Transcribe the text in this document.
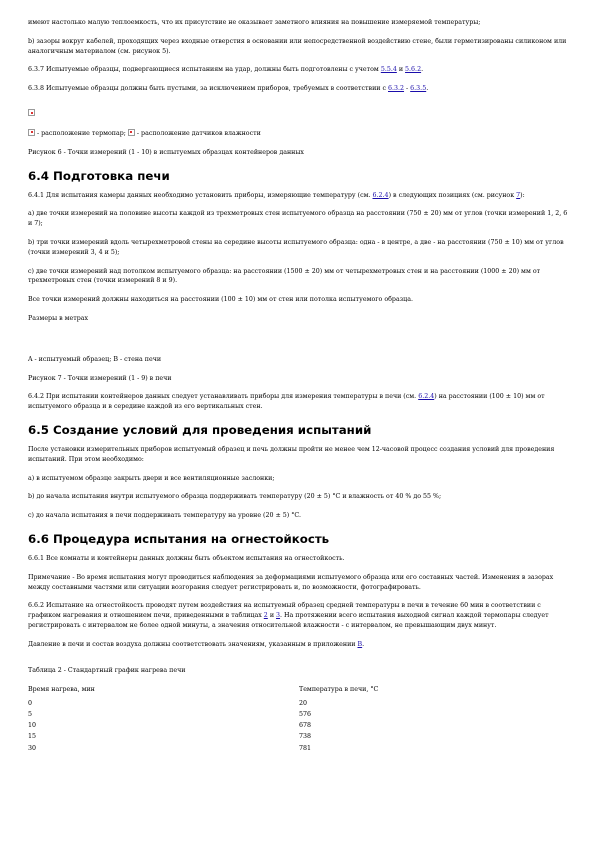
имеют настолько малую теплоемкость, что их присутствие не оказывает заметного влияния на повышение измеряемой температуры;

b) зазоры вокруг кабелей, проходящих через входные отверстия в основании или непосредственной воздействию стене, были герметизированы силиконом или аналогичным материалом (см. рисунок 5).

6.3.7 Испытуемые образцы, подвергающиеся испытаниям на удар, должны быть подготовлены с учетом 5.5.4 и 5.6.2.

6.3.8 Испытуемые образцы должны быть пустыми, за исключением приборов, требуемых в соответствии с 6.3.2 - 6.3.5.

- расположение термопар;  - расположение датчиков влажности

Рисунок 6 - Точки измерений (1 - 10) в испытуемых образцах контейнеров данных

6.4 Подготовка печи

6.4.1 Для испытания камеры данных необходимо установить приборы, измеряющие температуру (см. 6.2.4) в следующих позициях (см. рисунок 7):

а) две точки измерений на половине высоты каждой из трехметровых стен испытуемого образца на расстоянии (750 ± 20) мм от углов (точки измерений 1, 2, 6 и 7);

b) три точки измерений вдоль четырехметровой стены на середине высоты испытуемого образца: одна - в центре, а две - на расстоянии (750 ± 10) мм от углов (точки измерений 3, 4 и 5);

c) две точки измерений над потолком испытуемого образца: на расстоянии (1500 ± 20) мм от четырехметровых стен и на расстоянии (1000 ± 20) мм от трехметровых стен (точки измерений 8 и 9).

Все точки измерений должны находиться на расстоянии (100 ± 10) мм от стен или потолка испытуемого образца.

Размеры в метрах

A - испытуемый образец; B - стена печи

Рисунок 7 - Точки измерений (1 - 9) в печи

6.4.2 При испытании контейнеров данных следует устанавливать приборы для измерения температуры в печи (см. 6.2.4) на расстоянии (100 ± 10) мм от испытуемого образца и в середине каждой из его вертикальных стен.

6.5 Создание условий для проведения испытаний

После установки измерительных приборов испытуемый образец и печь должны пройти не менее чем 12-часовой процесс создания условий для проведения испытаний. При этом необходимо:

а) в испытуемом образце закрыть двери и все вентиляционные заслонки;

b) до начала испытания внутри испытуемого образца поддерживать температуру (20 ± 5) °C и влажность от 40 % до 55 %;

c) до начала испытания в печи поддерживать температуру на уровне (20 ± 5) °C.

6.6 Процедура испытания на огнестойкость

6.6.1 Все комнаты и контейнеры данных должны быть объектом испытания на огнестойкость.

Примечание - Во время испытания могут проводиться наблюдения за деформациями испытуемого образца или его составных частей. Изменения в зазорах между составными частями или ситуации возгорания следует регистрировать и, по возможности, фотографировать.

6.6.2 Испытание на огнестойкость проводят путем воздействия на испытуемый образец средней температуры в печи в течение 60 мин в соответствии с графиком нагревания и отношением печи, приведенными в таблицах 2 и 3. На протяжении всего испытания выходной сигнал каждой термопары следует регистрировать с интервалом не более одной минуты, а значения относительной влажности - с интервалом, не превышающим двух минут.

Давление в печи и состав воздуха должны соответствовать значениям, указанным в приложении В.

Таблица 2 - Стандартный график нагрева печи

Время нагрева, мин	Температура в печи, °C
0	20
5	576
10	678
15	738
30	781
